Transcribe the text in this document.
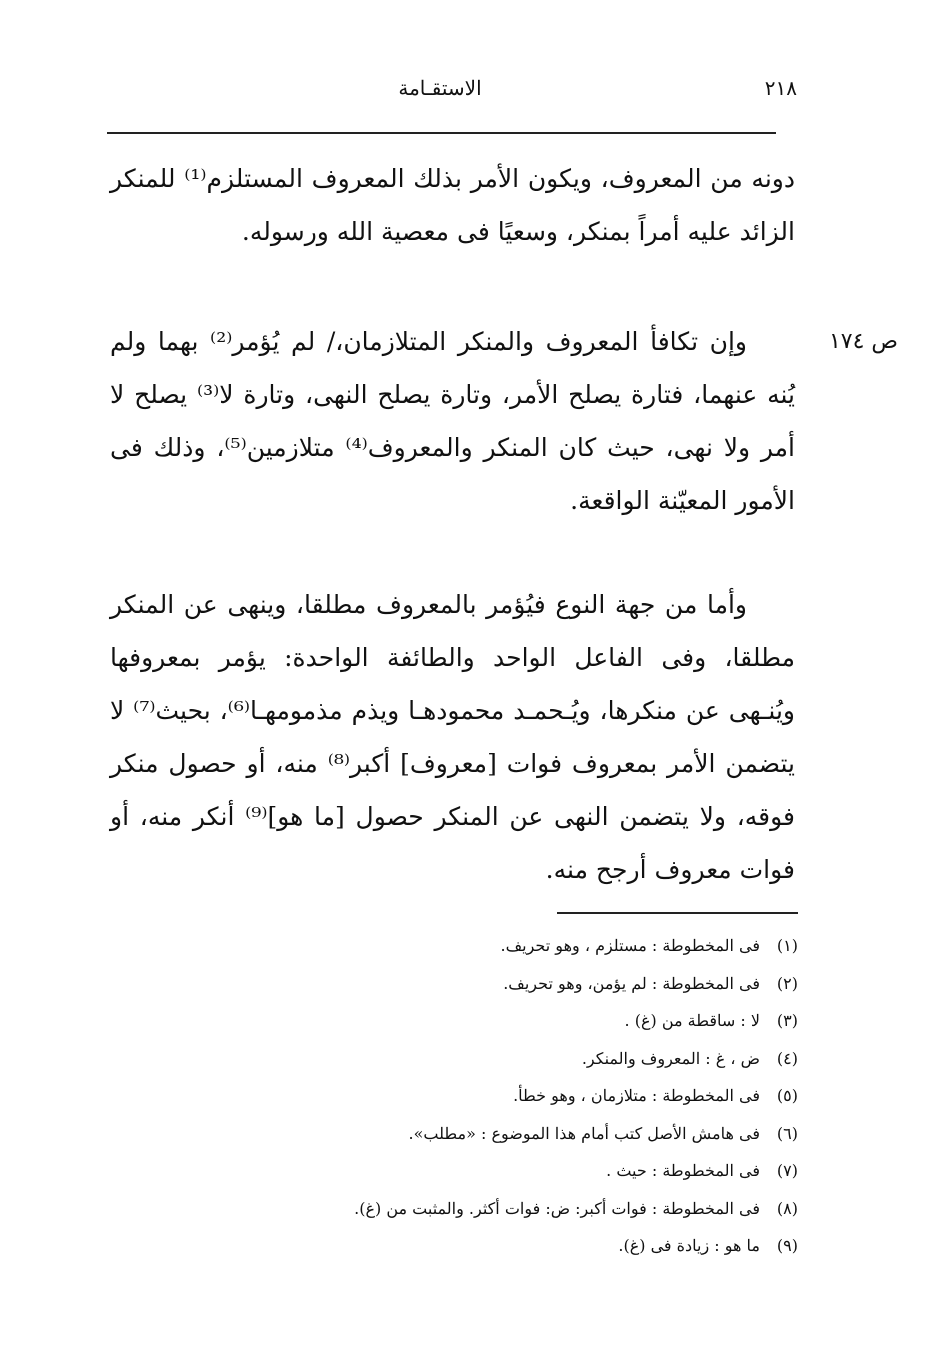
٢١٨
الاستقـامة

دونه من المعروف، ويكون الأمر بذلك المعروف المستلزم⁽¹⁾ للمنكر الزائد عليه أمراً بمنكر، وسعيًا فى معصية الله ورسوله.

ص ١٧٤

وإن تكافأ المعروف والمنكر المتلازمان،/ لم يُؤمر⁽²⁾ بهما ولم يُنه عنهما، فتارة يصلح الأمر، وتارة يصلح النهى، وتارة لا⁽³⁾ يصلح لا أمر ولا نهى، حيث كان المنكر والمعروف⁽⁴⁾ متلازمين⁽⁵⁾، وذلك فى الأمور المعيّنة الواقعة.

وأما من جهة النوع فيُؤمر بالمعروف مطلقا، وينهى عن المنكر مطلقا، وفى الفاعل الواحد والطائفة الواحدة: يؤمر بمعروفها ويُنـهى عن منكرها، ويُـحمـد محمودهـا ويذم مذمومهـا⁽⁶⁾، بحيث⁽⁷⁾ لا يتضمن الأمر بمعروف فوات [معروف] أكبر⁽⁸⁾ منه، أو حصول منكر فوقه، ولا يتضمن النهى عن المنكر حصول [ما هو]⁽⁹⁾ أنكر منه، أو فوات معروف أرجح منه.

(١)فى المخطوطة : مستلزم ، وهو تحريف.
(٢)فى المخطوطة : لم يؤمن، وهو تحريف.
(٣)لا : ساقطة من (غ) .
(٤)ض ، غ : المعروف والمنكر.
(٥)فى المخطوطة : متلازمان ، وهو خطأ.
(٦)فى هامش الأصل كتب أمام هذا الموضوع : «مطلب».
(٧)فى المخطوطة : حيث .
(٨)فى المخطوطة : فوات أكبر: ض: فوات أكثر. والمثبت من (غ).
(٩)ما هو : زيادة فى (غ).
